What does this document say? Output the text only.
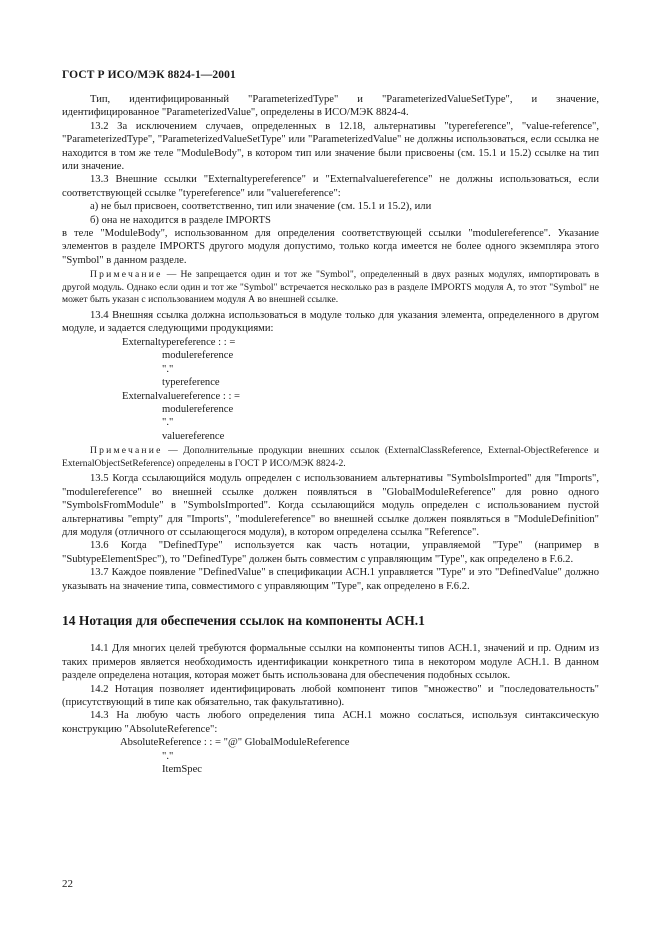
ГОСТ Р ИСО/МЭК 8824-1—2001

Тип, идентифицированный "ParameterizedType" и "ParameterizedValueSetType", и значение, идентифицированное "ParameterizedValue", определены в ИСО/МЭК 8824-4.

13.2 За исключением случаев, определенных в 12.18, альтернативы "typereference", "value-reference", "ParameterizedType", "ParameterizedValueSetType" или "ParameterizedValue" не должны использоваться, если ссылка не находится в том же теле "ModuleBody", в котором тип или значение были присвоены (см. 15.1 и 15.2) ссылке на тип или значение.

13.3 Внешние ссылки "Externaltypereference" и "Externalvaluereference" не должны использоваться, если соответствующей ссылке "typereference" или "valuereference":

а) не был присвоен, соответственно, тип или значение (см. 15.1 и 15.2), или

б) она не находится в разделе IMPORTS

в теле "ModuleBody", использованном для определения соответствующей ссылки "modulereference". Указание элементов в разделе IMPORTS другого модуля допустимо, только когда имеется не более одного экземпляра этого "Symbol" в данном разделе.

Примечание — Не запрещается один и тот же "Symbol", определенный в двух разных модулях, импортировать в другой модуль. Однако если один и тот же "Symbol" встречается несколько раз в разделе IMPORTS модуля А, то этот "Symbol" не может быть указан с использованием модуля А во внешней ссылке.

13.4 Внешняя ссылка должна использоваться в модуле только для указания элемента, определенного в другом модуле, и задается следующими продукциями:

Externaltypereference : : =
modulereference
"."
typereference
Externalvaluereference : : =
modulereference
"."
valuereference

Примечание — Дополнительные продукции внешних ссылок (ExternalClassReference, External-ObjectReference и ExternalObjectSetReference) определены в ГОСТ Р ИСО/МЭК 8824-2.

13.5 Когда ссылающийся модуль определен с использованием альтернативы "SymbolsImported" для "Imports", "modulereference" во внешней ссылке должен появляться в "GlobalModuleReference" для ровно одного "SymbolsFromModule" в "SymbolsImported". Когда ссылающийся модуль определен с использованием пустой альтернативы "empty" для "Imports", "modulereference" во внешней ссылке должен появляться в "ModuleDefinition" для модуля (отличного от ссылающегося модуля), в котором определена ссылка "Reference".

13.6 Когда "DefinedType" используется как часть нотации, управляемой "Type" (например в "SubtypeElementSpec"), то "DefinedType" должен быть совместим с управляющим "Type", как определено в F.6.2.

13.7 Каждое появление "DefinedValue" в спецификации АСН.1 управляется "Type" и это "DefinedValue" должно указывать на значение типа, совместимого с управляющим "Type", как определено в F.6.2.

14 Нотация для обеспечения ссылок на компоненты АСН.1

14.1 Для многих целей требуются формальные ссылки на компоненты типов АСН.1, значений и пр. Одним из таких примеров является необходимость идентификации конкретного типа в некотором модуле АСН.1. В данном разделе определена нотация, которая может быть использована для обеспечения подобных ссылок.

14.2 Нотация позволяет идентифицировать любой компонент типов "множество" и "последовательность" (присутствующий в типе как обязательно, так факультативно).

14.3 На любую часть любого определения типа АСН.1 можно сослаться, используя синтаксическую конструкцию "AbsoluteReference":

AbsoluteReference : : = "@" GlobalModuleReference
"."
ItemSpec
22
